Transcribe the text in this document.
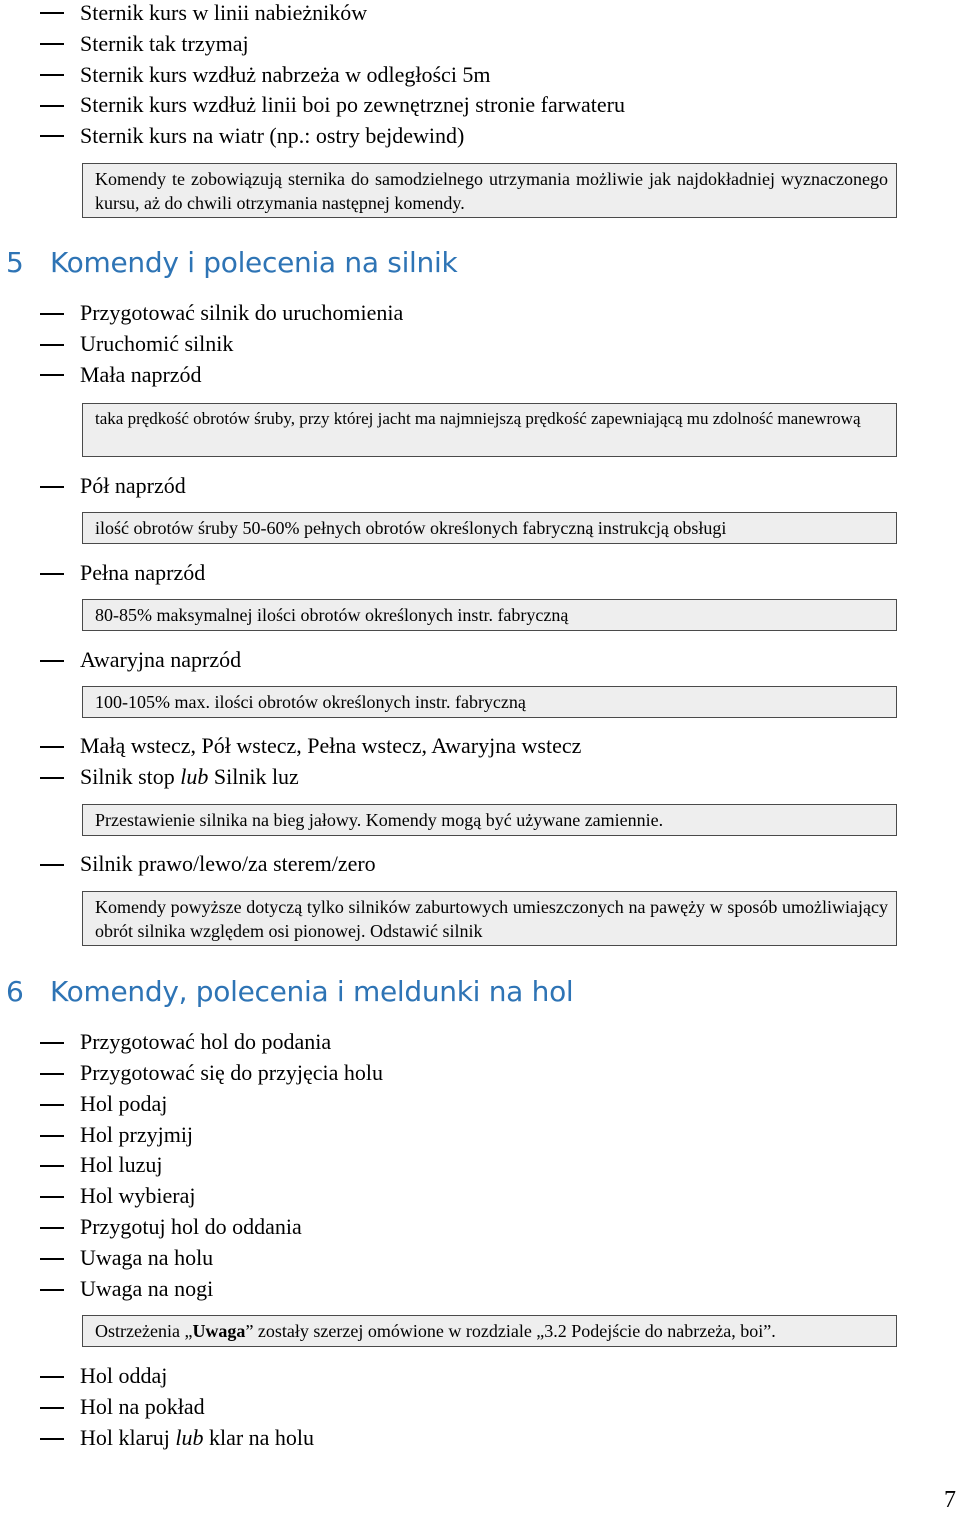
Sternik kurs w linii nabieżników
Sternik tak trzymaj
Sternik kurs wzdłuż nabrzeża w odległości 5m
Sternik kurs wzdłuż linii boi po zewnętrznej stronie farwateru
Sternik kurs na wiatr (np.: ostry bejdewind)
Komendy te zobowiązują sternika do samodzielnego utrzymania możliwie jak najdokładniej wyznaczonego kursu, aż do chwili otrzymania następnej komendy.
5 Komendy i polecenia na silnik
Przygotować silnik do uruchomienia
Uruchomić silnik
Mała naprzód
taka prędkość obrotów śruby, przy której jacht ma najmniejszą prędkość zapewniającą mu zdolność manewrową
Pół naprzód
ilość obrotów śruby 50-60% pełnych obrotów określonych fabryczną instrukcją obsługi
Pełna naprzód
80-85% maksymalnej ilości obrotów określonych instr. fabryczną
Awaryjna naprzód
100-105% max. ilości obrotów określonych instr. fabryczną
Małą wstecz, Pół wstecz, Pełna wstecz, Awaryjna wstecz
Silnik stop lub Silnik luz
Przestawienie silnika na bieg jałowy. Komendy mogą być używane zamiennie.
Silnik prawo/lewo/za sterem/zero
Komendy powyższe dotyczą tylko silników zaburtowych umieszczonych na pawęży w sposób umożliwiający obrót silnika względem osi pionowej. Odstawić silnik
6 Komendy, polecenia i meldunki na hol
Przygotować hol do podania
Przygotować się do przyjęcia holu
Hol podaj
Hol przyjmij
Hol luzuj
Hol wybieraj
Przygotuj hol do oddania
Uwaga na holu
Uwaga na nogi
Ostrzeżenia „Uwaga” zostały szerzej omówione w rozdziale „3.2 Podejście do nabrzeża, boi”.
Hol oddaj
Hol na pokład
Hol klaruj lub klar na holu
7
